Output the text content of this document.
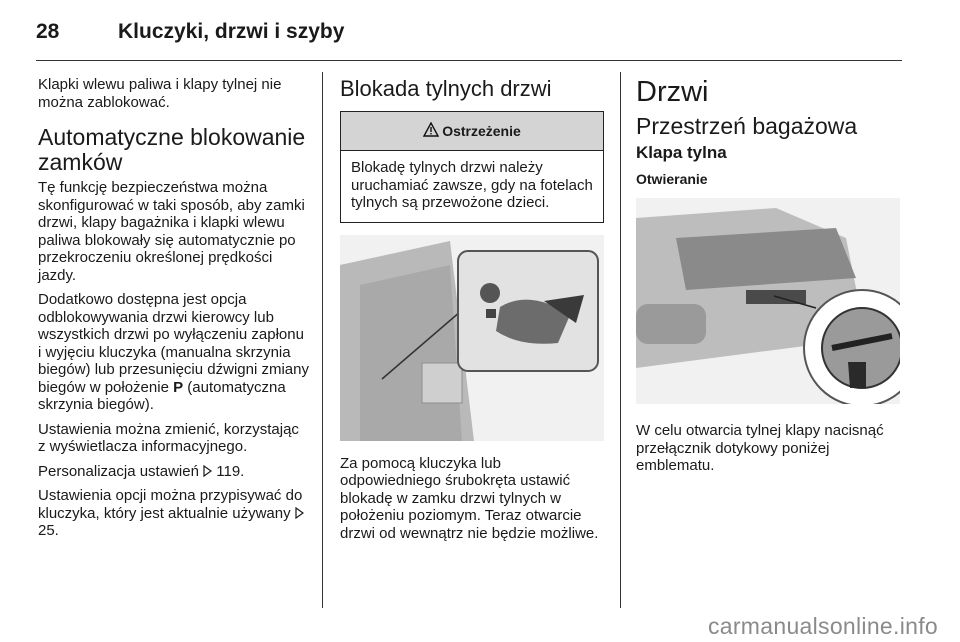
28	Kluczyki, drzwi i szyby

Klapki wlewu paliwa i klapy tylnej nie można zablokować.

Automatyczne blokowanie zamków

Tę funkcję bezpieczeństwa można skonfigurować w taki sposób, aby zamki drzwi, klapy bagażnika i klapki wlewu paliwa blokowały się automatycznie po przekroczeniu określonej prędkości jazdy.

Dodatkowo dostępna jest opcja odblokowywania drzwi kierowcy lub wszystkich drzwi po wyłączeniu zapłonu i wyjęciu kluczyka (manualna skrzynia biegów) lub przesunięciu dźwigni zmiany biegów w położenie P (automatyczna skrzynia biegów).

Ustawienia można zmienić, korzystając z wyświetlacza informacyjnego.

Personalizacja ustawień  119.

Ustawienia opcji można przypisywać do kluczyka, który jest aktualnie używany  25.

Blokada tylnych drzwi
Ostrzeżenie
Blokadę tylnych drzwi należy uruchamiać zawsze, gdy na fotelach tylnych są przewożone dzieci.

Za pomocą kluczyka lub odpowiedniego śrubokręta ustawić blokadę w zamku drzwi tylnych w położeniu poziomym. Teraz otwarcie drzwi od wewnątrz nie będzie możliwe.

Drzwi
Przestrzeń bagażowa
Klapa tylna
Otwieranie

W celu otwarcia tylnej klapy nacisnąć przełącznik dotykowy poniżej emblematu.

carmanualsonline.info
